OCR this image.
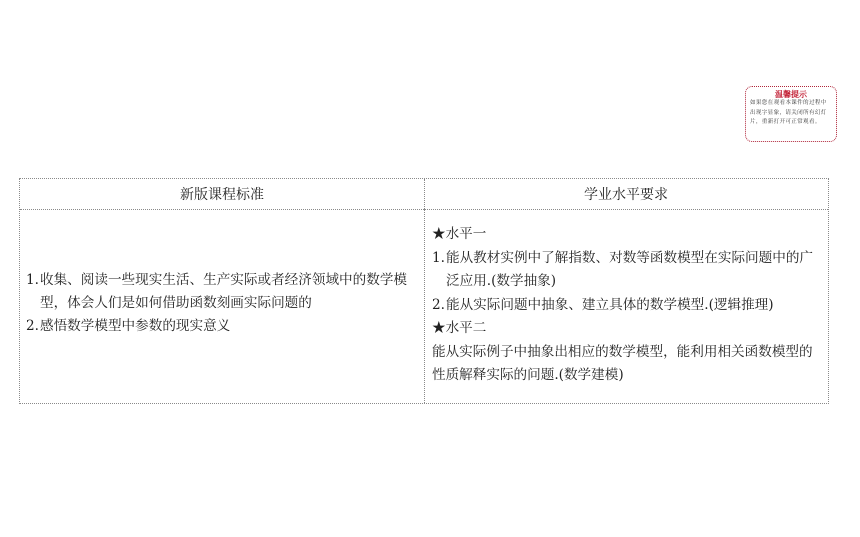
温馨提示
如果您在观看本课件的过程中出现字显象，请关闭所有幻灯片，重新打开可正常观看。
新版课程标准	学业水平要求
1. 收集、阅读一些现实生活、生产实际或者经济领域中的数学模型，体会人们是如何借助函数刻画实际问题的
2. 感悟数学模型中参数的现实意义
★水平一
1. 能从教材实例中了解指数、对数等函数模型在实际问题中的广泛应用.(数学抽象)
2. 能从实际问题中抽象、建立具体的数学模型.(逻辑推理)
★水平二
能从实际例子中抽象出相应的数学模型，能利用相关函数模型的性质解释实际的问题.(数学建模)
